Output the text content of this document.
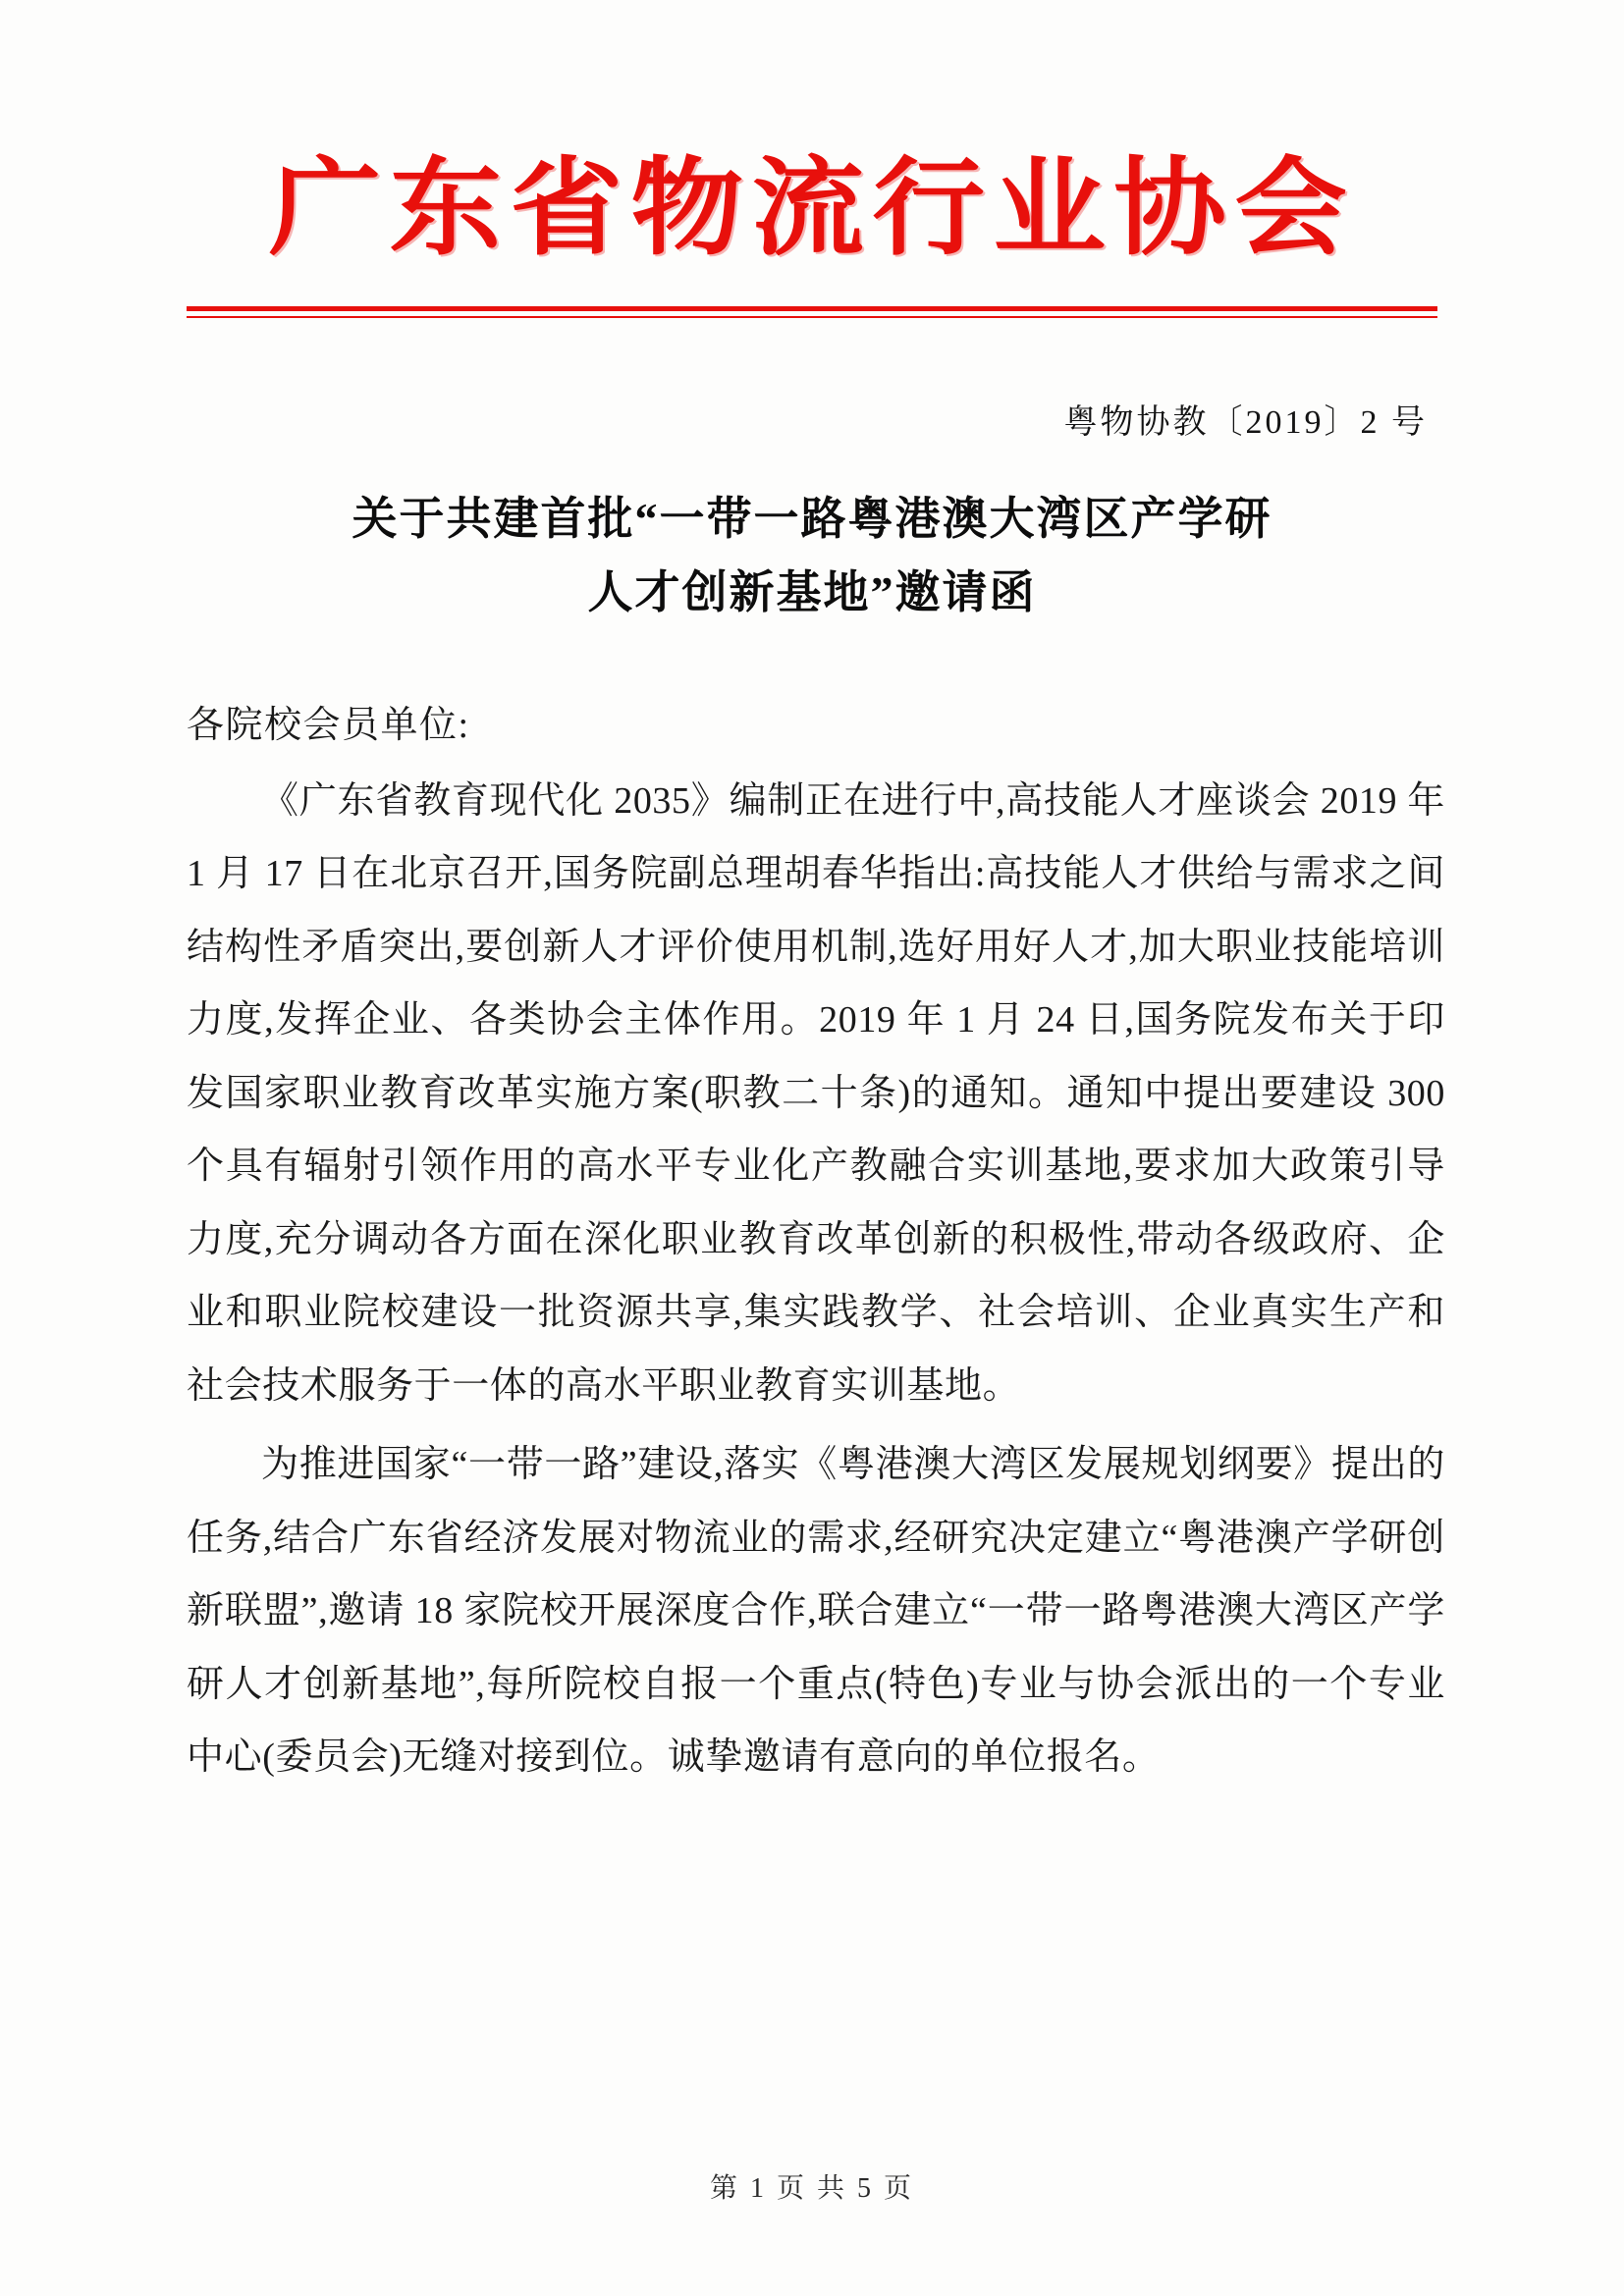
广东省物流行业协会
粤物协教〔2019〕2 号
关于共建首批“一带一路粤港澳大湾区产学研
人才创新基地”邀请函
各院校会员单位:

《广东省教育现代化 2035》编制正在进行中,高技能人才座谈会 2019 年 1 月 17 日在北京召开,国务院副总理胡春华指出:高技能人才供给与需求之间结构性矛盾突出,要创新人才评价使用机制,选好用好人才,加大职业技能培训力度,发挥企业、各类协会主体作用。2019 年 1 月 24 日,国务院发布关于印发国家职业教育改革实施方案(职教二十条)的通知。通知中提出要建设 300 个具有辐射引领作用的高水平专业化产教融合实训基地,要求加大政策引导力度,充分调动各方面在深化职业教育改革创新的积极性,带动各级政府、企业和职业院校建设一批资源共享,集实践教学、社会培训、企业真实生产和社会技术服务于一体的高水平职业教育实训基地。

为推进国家“一带一路”建设,落实《粤港澳大湾区发展规划纲要》提出的任务,结合广东省经济发展对物流业的需求,经研究决定建立“粤港澳产学研创新联盟”,邀请 18 家院校开展深度合作,联合建立“一带一路粤港澳大湾区产学研人才创新基地”,每所院校自报一个重点(特色)专业与协会派出的一个专业中心(委员会)无缝对接到位。诚挚邀请有意向的单位报名。

第 1 页 共 5 页
